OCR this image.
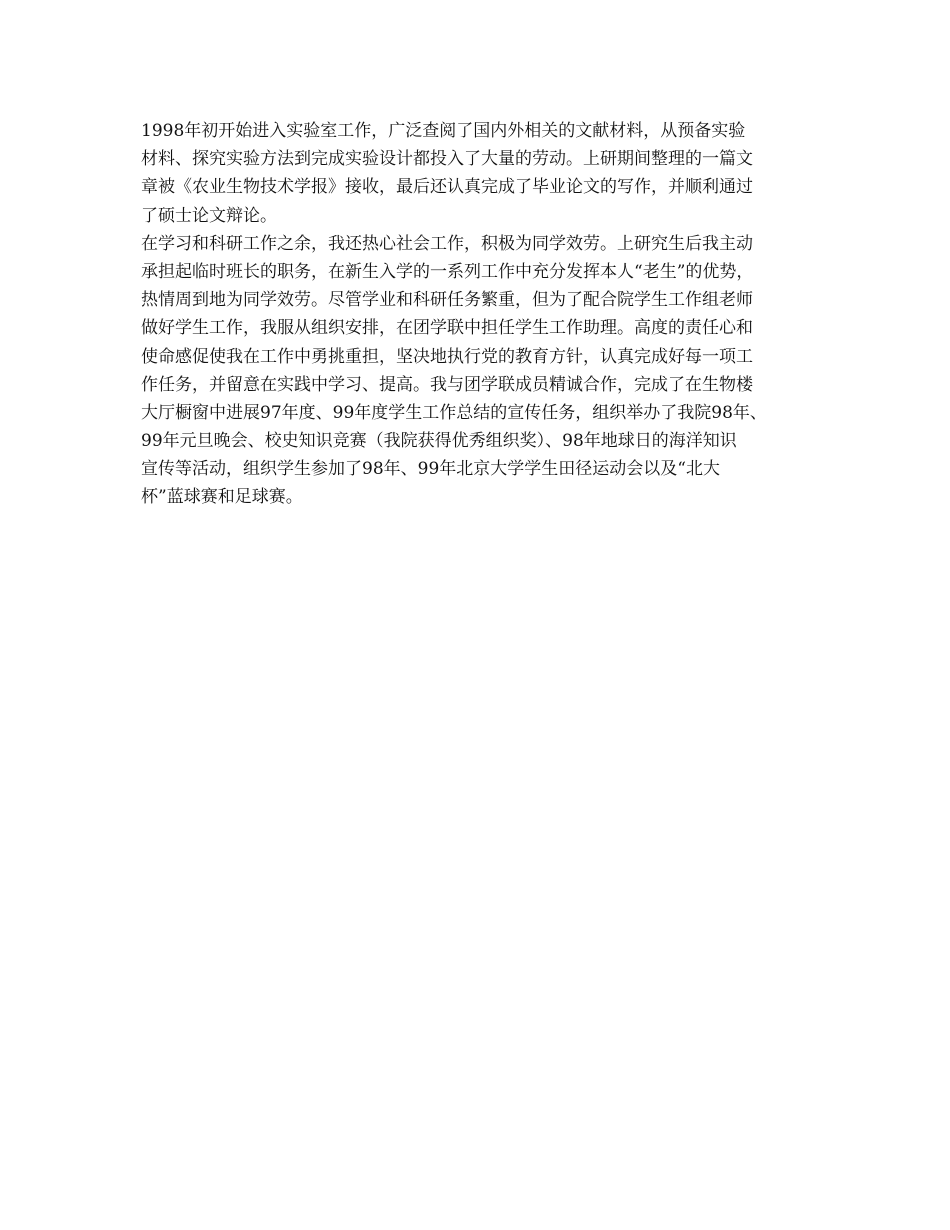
1998年初开始进入实验室工作，广泛查阅了国内外相关的文献材料，从预备实验
材料、探究实验方法到完成实验设计都投入了大量的劳动。上研期间整理的一篇文
章被《农业生物技术学报》接收，最后还认真完成了毕业论文的写作，并顺利通过
了硕士论文辩论。
在学习和科研工作之余，我还热心社会工作，积极为同学效劳。上研究生后我主动
承担起临时班长的职务，在新生入学的一系列工作中充分发挥本人“老生”的优势，
热情周到地为同学效劳。尽管学业和科研任务繁重，但为了配合院学生工作组老师
做好学生工作，我服从组织安排，在团学联中担任学生工作助理。高度的责任心和
使命感促使我在工作中勇挑重担，坚决地执行党的教育方针，认真完成好每一项工
作任务，并留意在实践中学习、提高。我与团学联成员精诚合作，完成了在生物楼
大厅橱窗中进展97年度、99年度学生工作总结的宣传任务，组织举办了我院98年、
99年元旦晚会、校史知识竞赛（我院获得优秀组织奖）、98年地球日的海洋知识
宣传等活动，组织学生参加了98年、99年北京大学学生田径运动会以及“北大
杯”蓝球赛和足球赛。
